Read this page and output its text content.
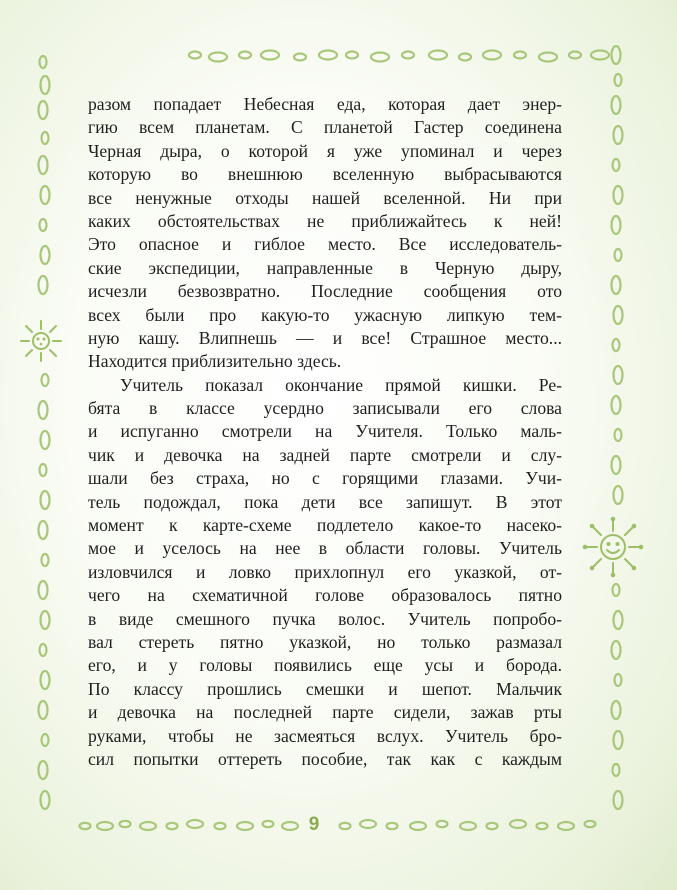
разом попадает Небесная еда, которая дает энер-
гию всем планетам. С планетой Гастер соединена
Черная дыра, о которой я уже упоминал и через
которую во внешнюю вселенную выбрасываются
все ненужные отходы нашей вселенной. Ни при
каких обстоятельствах не приближайтесь к ней!
Это опасное и гиблое место. Все исследователь-
ские экспедиции, направленные в Черную дыру,
исчезли безвозвратно. Последние сообщения ото
всех были про какую-то ужасную липкую тем-
ную кашу. Влипнешь — и все! Страшное место...
Находится приблизительно здесь.
Учитель показал окончание прямой кишки. Ре-
бята в классе усердно записывали его слова
и испуганно смотрели на Учителя. Только маль-
чик и девочка на задней парте смотрели и слу-
шали без страха, но с горящими глазами. Учи-
тель подождал, пока дети все запишут. В этот
момент к карте-схеме подлетело какое-то насеко-
мое и уселось на нее в области головы. Учитель
изловчился и ловко прихлопнул его указкой, от-
чего на схематичной голове образовалось пятно
в виде смешного пучка волос. Учитель попробо-
вал стереть пятно указкой, но только размазал
его, и у головы появились еще усы и борода.
По классу прошлись смешки и шепот. Мальчик
и девочка на последней парте сидели, зажав рты
руками, чтобы не засмеяться вслух. Учитель бро-
сил попытки оттереть пособие, так как с каждым
9
